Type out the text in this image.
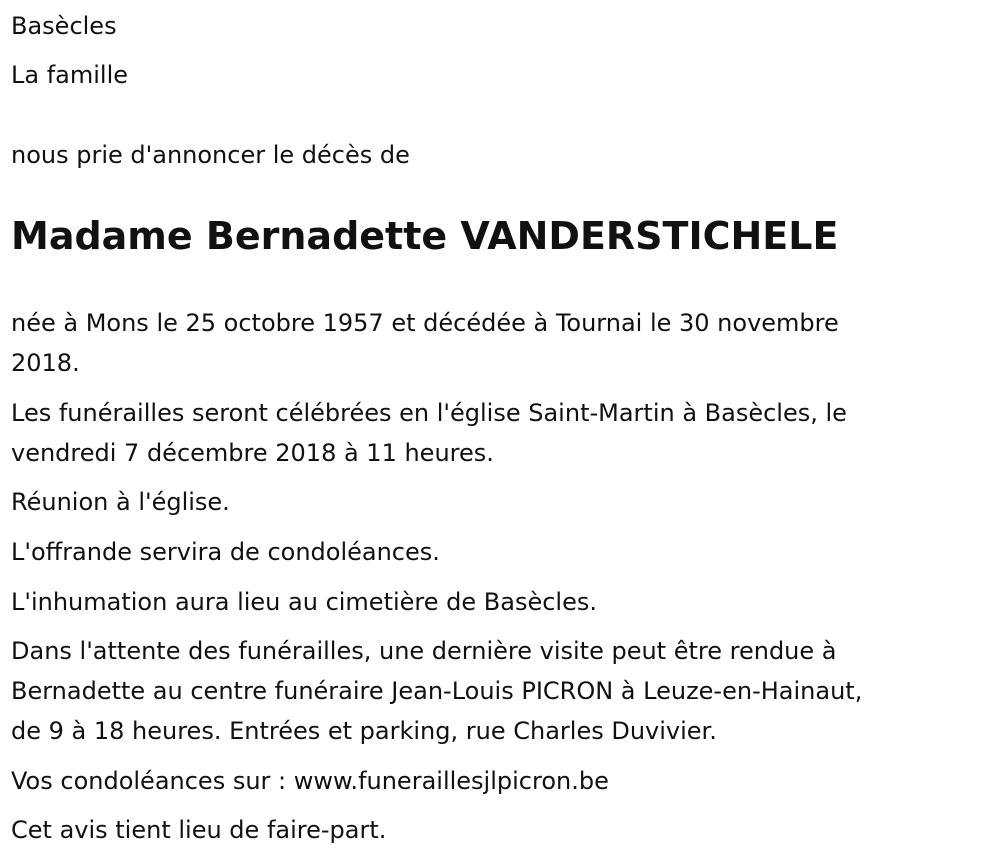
Basècles

La famille

nous prie d'annoncer le décès de

Madame Bernadette VANDERSTICHELE

née à Mons le 25 octobre 1957 et décédée à Tournai le 30 novembre
2018.

Les funérailles seront célébrées en l'église Saint-Martin à Basècles, le
vendredi 7 décembre 2018 à 11 heures.

Réunion à l'église.

L'offrande servira de condoléances.

L'inhumation aura lieu au cimetière de Basècles.

Dans l'attente des funérailles, une dernière visite peut être rendue à
Bernadette au centre funéraire Jean-Louis PICRON à Leuze-en-Hainaut,
de 9 à 18 heures. Entrées et parking, rue Charles Duvivier.

Vos condoléances sur : www.funeraillesjlpicron.be

Cet avis tient lieu de faire-part.
